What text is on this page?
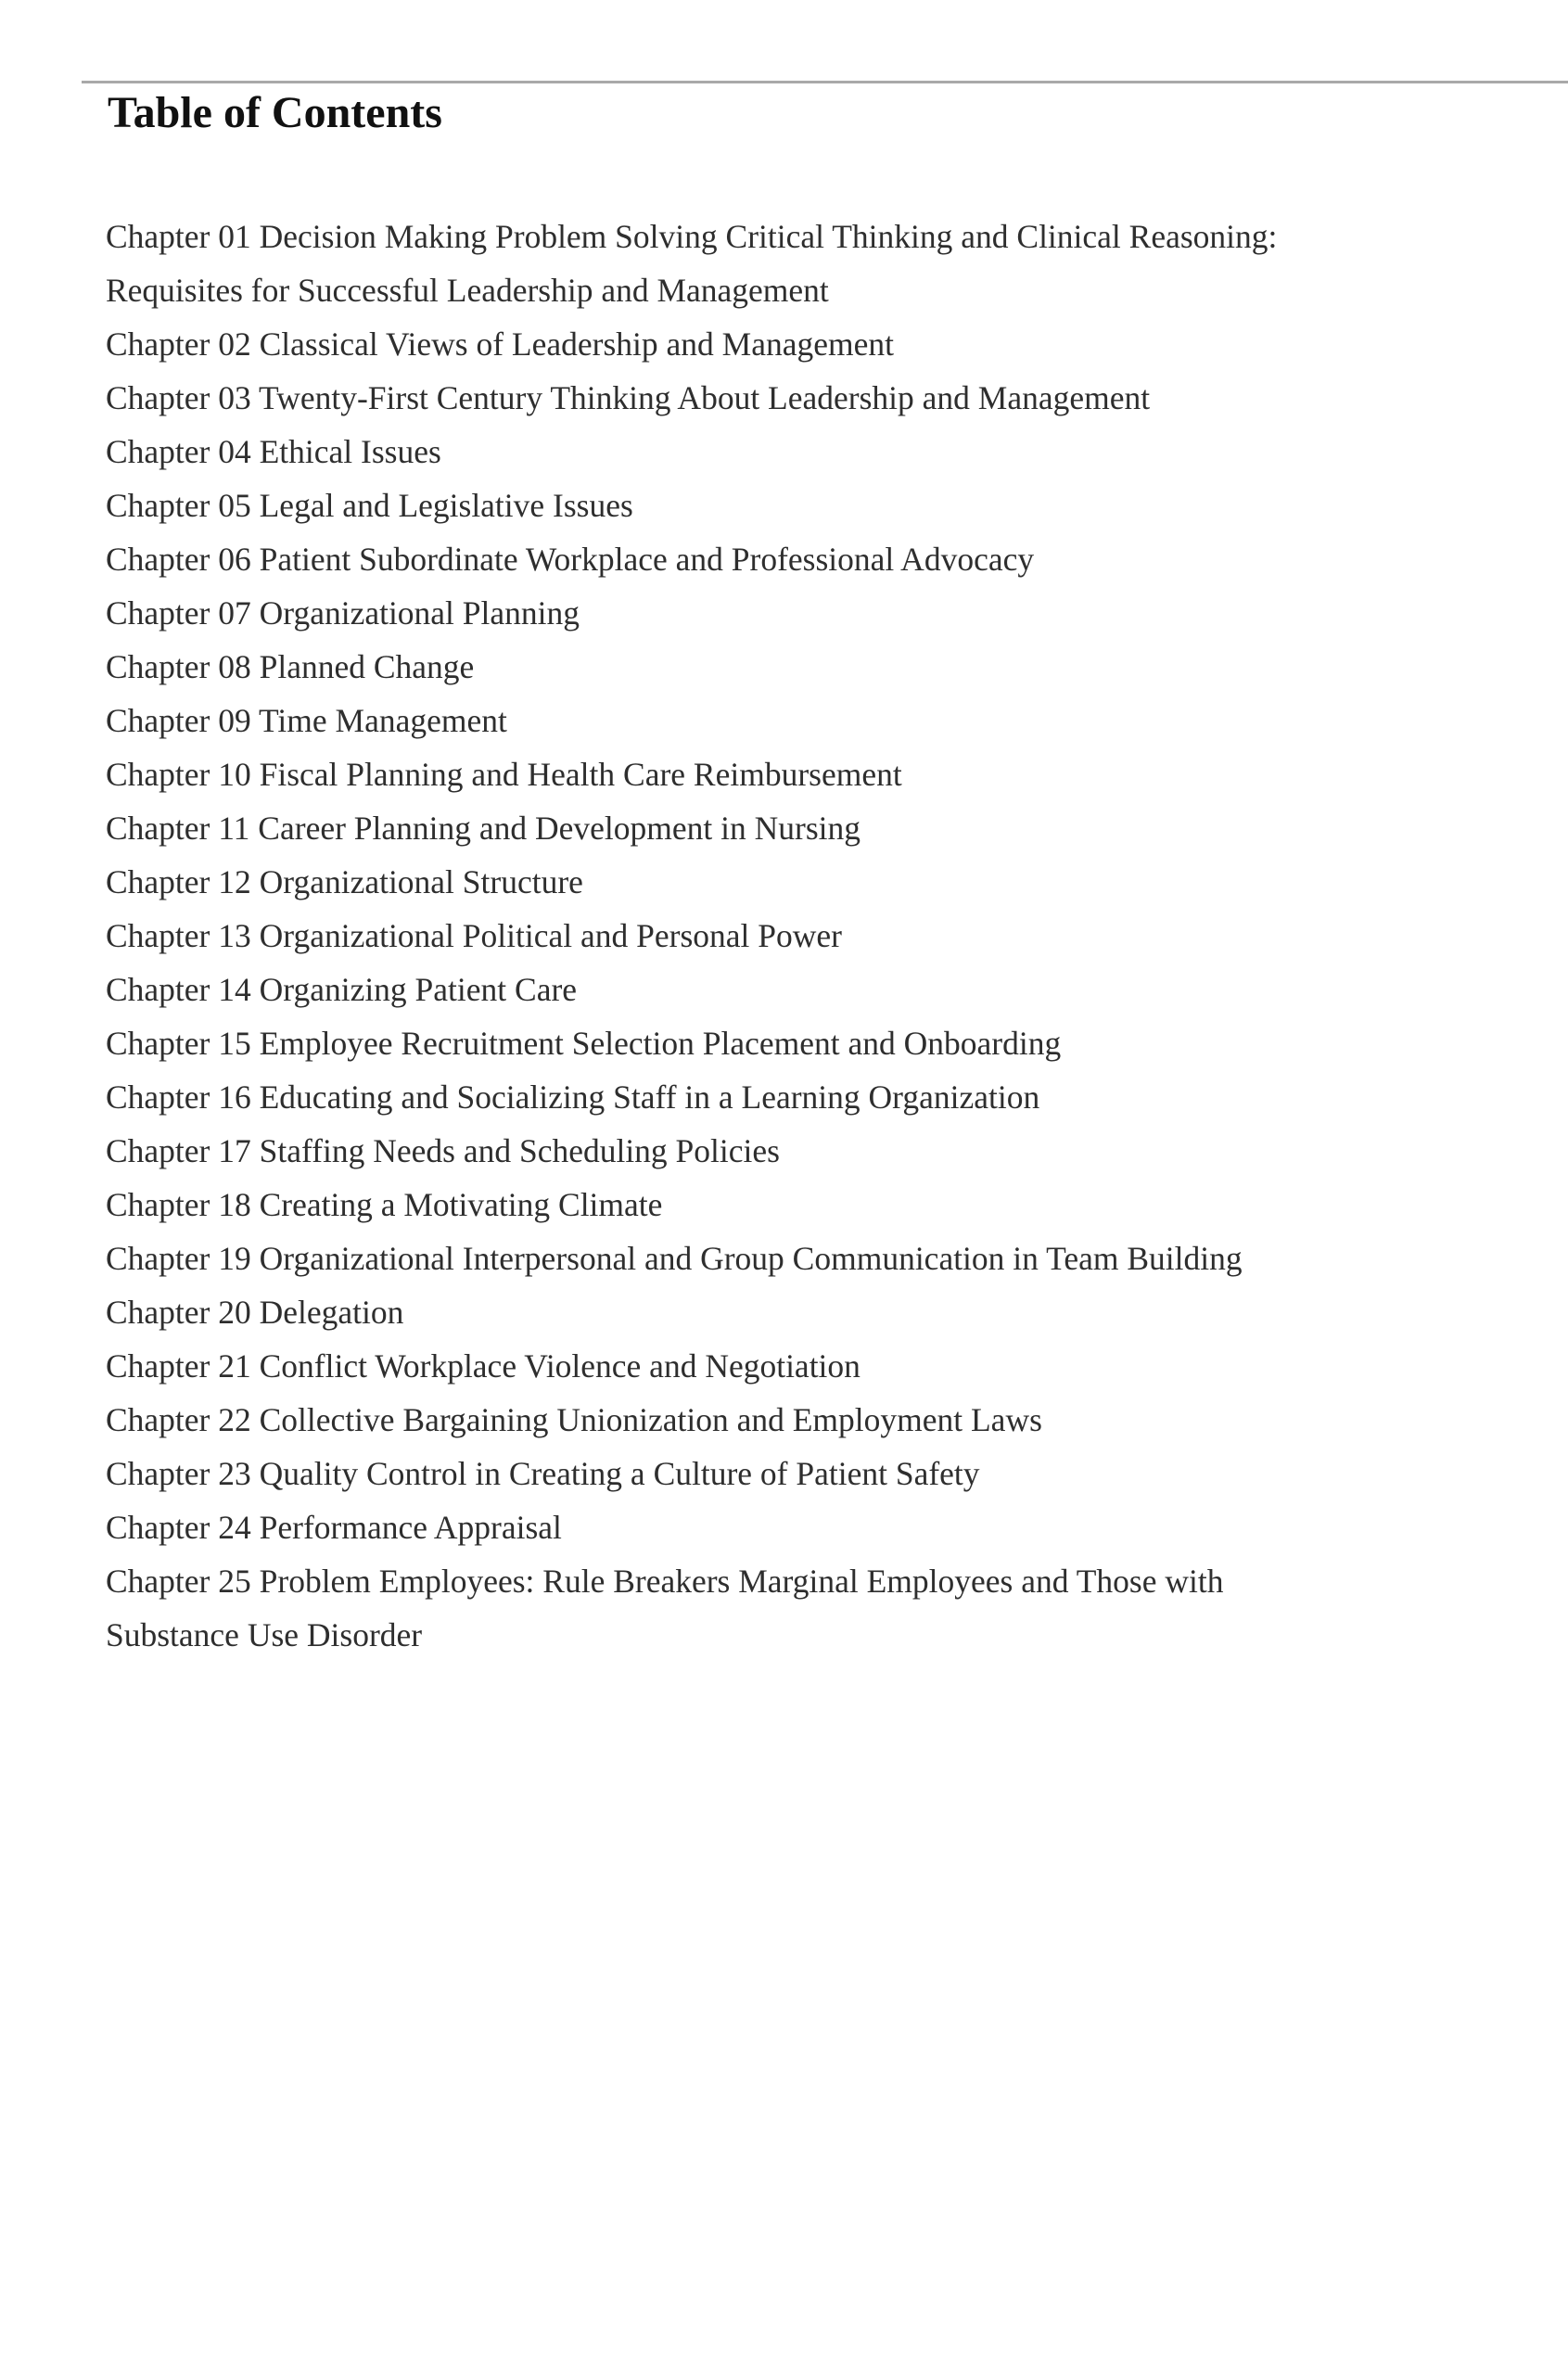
Table of Contents
Chapter 01 Decision Making Problem Solving Critical Thinking and Clinical Reasoning:
Requisites for Successful Leadership and Management
Chapter 02 Classical Views of Leadership and Management
Chapter 03 Twenty-First Century Thinking About Leadership and Management
Chapter 04 Ethical Issues
Chapter 05 Legal and Legislative Issues
Chapter 06 Patient Subordinate Workplace and Professional Advocacy
Chapter 07 Organizational Planning
Chapter 08 Planned Change
Chapter 09 Time Management
Chapter 10 Fiscal Planning and Health Care Reimbursement
Chapter 11 Career Planning and Development in Nursing
Chapter 12 Organizational Structure
Chapter 13 Organizational Political and Personal Power
Chapter 14 Organizing Patient Care
Chapter 15 Employee Recruitment Selection Placement and Onboarding
Chapter 16 Educating and Socializing Staff in a Learning Organization
Chapter 17 Staffing Needs and Scheduling Policies
Chapter 18 Creating a Motivating Climate
Chapter 19 Organizational Interpersonal and Group Communication in Team Building
Chapter 20 Delegation
Chapter 21 Conflict Workplace Violence and Negotiation
Chapter 22 Collective Bargaining Unionization and Employment Laws
Chapter 23 Quality Control in Creating a Culture of Patient Safety
Chapter 24 Performance Appraisal
Chapter 25 Problem Employees: Rule Breakers Marginal Employees and Those with
Substance Use Disorder
